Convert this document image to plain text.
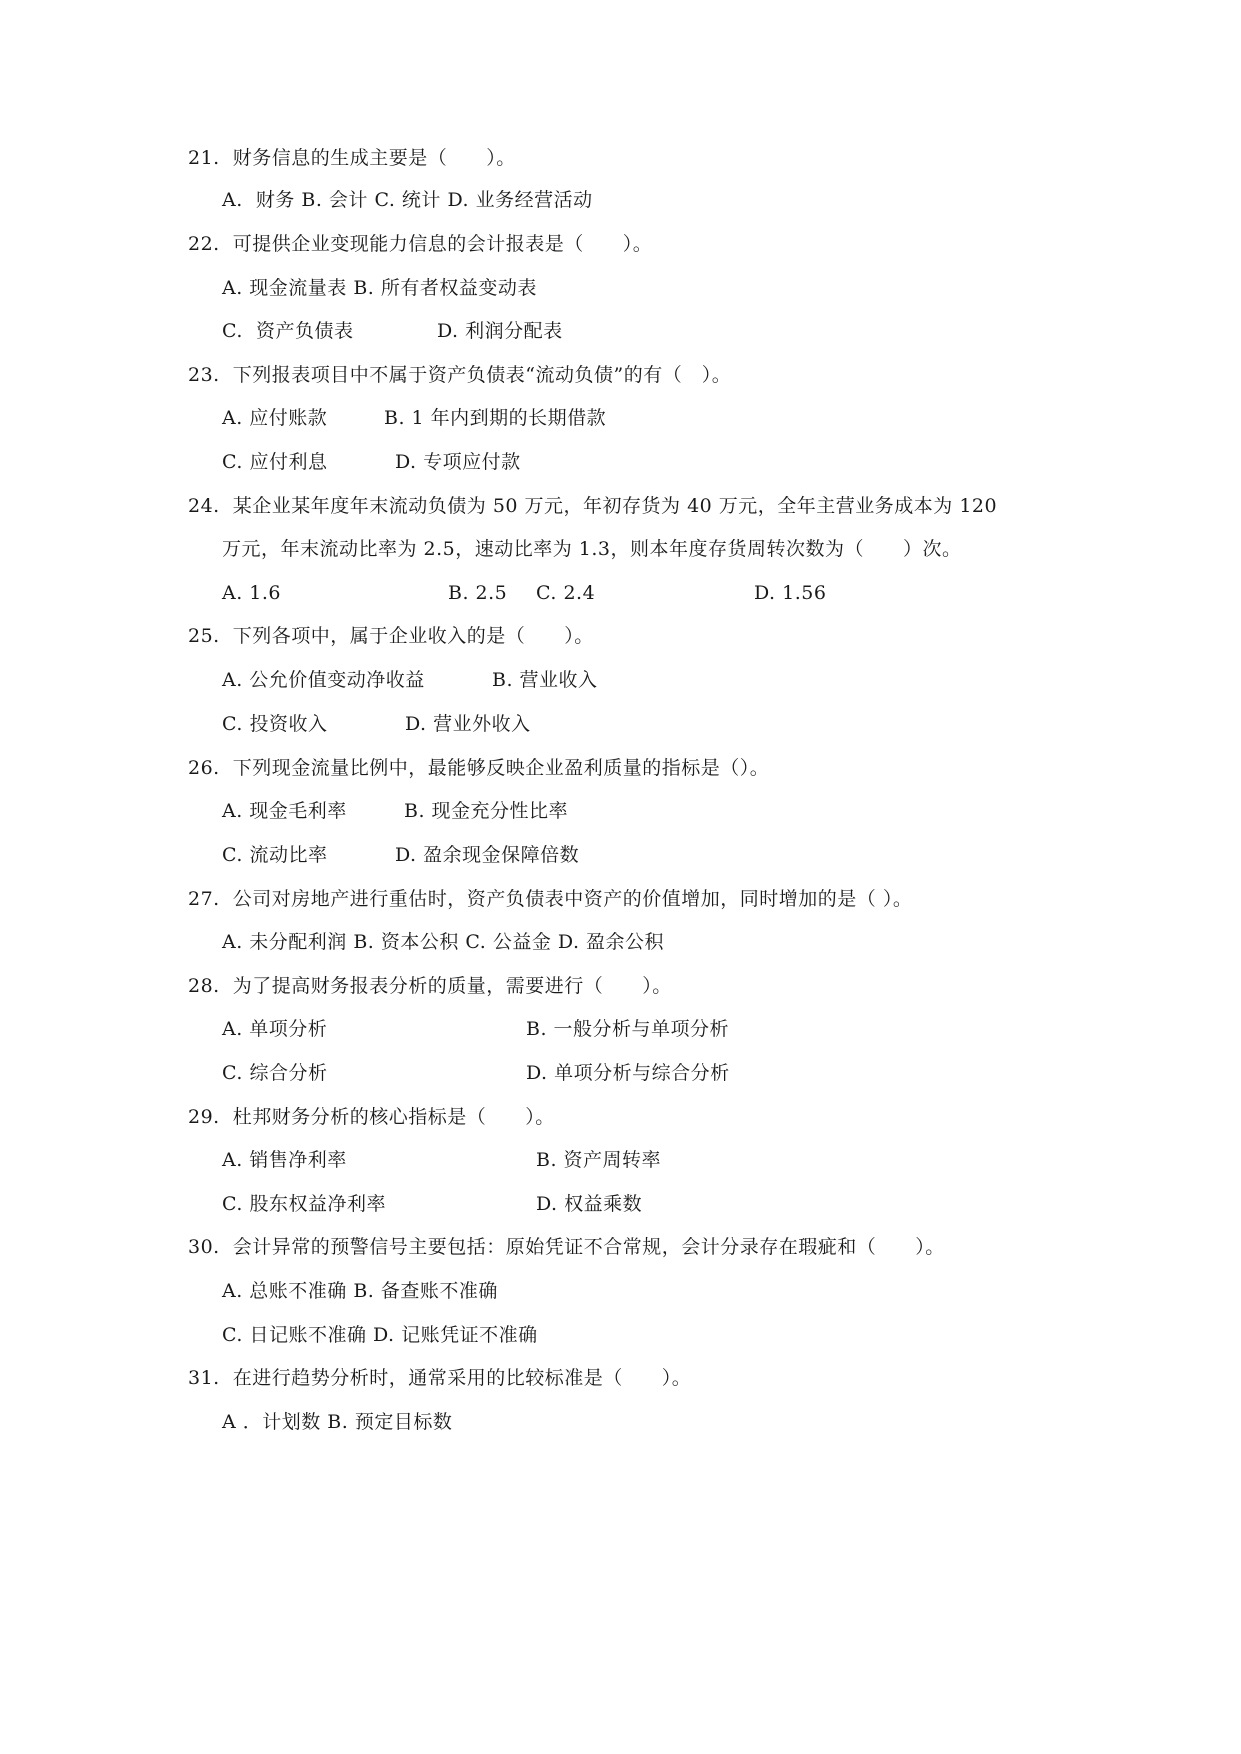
21.  财务信息的生成主要是（　　）。
A.  财务 B. 会计 C. 统计 D. 业务经营活动
22.  可提供企业变现能力信息的会计报表是（　　）。
A. 现金流量表 B. 所有者权益变动表
C.  资产负债表	D. 利润分配表
23.  下列报表项目中不属于资产负债表“流动负债”的有（　）。
A. 应付账款	B. 1 年内到期的长期借款
C. 应付利息	D. 专项应付款
24.  某企业某年度年末流动负债为 50 万元，年初存货为 40 万元，全年主营业务成本为 120
万元，年末流动比率为 2.5，速动比率为 1.3，则本年度存货周转次数为（　　）次。
A. 1.6	B. 2.5 C. 2.4	D. 1.56
25.  下列各项中，属于企业收入的是（　　）。
A. 公允价值变动净收益	B. 营业收入
C. 投资收入	D. 营业外收入
26.  下列现金流量比例中，最能够反映企业盈利质量的指标是（）。
A. 现金毛利率	B. 现金充分性比率
C. 流动比率	D. 盈余现金保障倍数
27.  公司对房地产进行重估时，资产负债表中资产的价值增加，同时增加的是（ ）。
A. 未分配利润 B. 资本公积 C. 公益金 D. 盈余公积
28.  为了提高财务报表分析的质量，需要进行（　　）。
A. 单项分析	B. 一般分析与单项分析
C. 综合分析	D. 单项分析与综合分析
29.  杜邦财务分析的核心指标是（　　）。
A. 销售净利率	B. 资产周转率
C. 股东权益净利率	D. 权益乘数
30.  会计异常的预警信号主要包括：原始凭证不合常规，会计分录存在瑕疵和（　　）。
A. 总账不准确 B. 备查账不准确
C. 日记账不准确 D. 记账凭证不准确
31.  在进行趋势分析时，通常采用的比较标准是（　　）。
A ．计划数 B. 预定目标数
